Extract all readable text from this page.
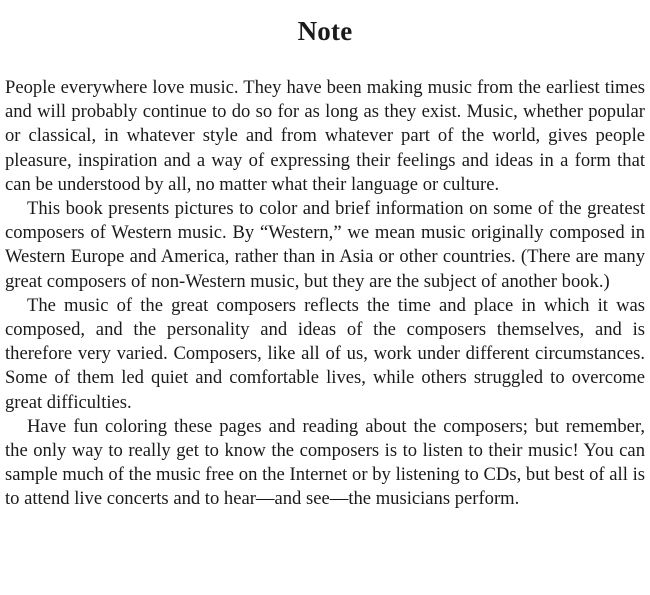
Note

People everywhere love music. They have been making music from the earliest times and will probably continue to do so for as long as they exist. Music, whether popular or classical, in whatever style and from whatever part of the world, gives people pleasure, inspiration and a way of expressing their feelings and ideas in a form that can be understood by all, no matter what their language or culture.

This book presents pictures to color and brief information on some of the greatest composers of Western music. By “Western,” we mean music originally composed in Western Europe and America, rather than in Asia or other countries. (There are many great composers of non-Western music, but they are the subject of another book.)

The music of the great composers reflects the time and place in which it was composed, and the personality and ideas of the composers themselves, and is therefore very varied. Composers, like all of us, work under different circumstances. Some of them led quiet and comfortable lives, while others struggled to overcome great difficulties.

Have fun coloring these pages and reading about the composers; but remember, the only way to really get to know the composers is to listen to their music! You can sample much of the music free on the Internet or by listening to CDs, but best of all is to attend live concerts and to hear—and see—the musicians perform.
